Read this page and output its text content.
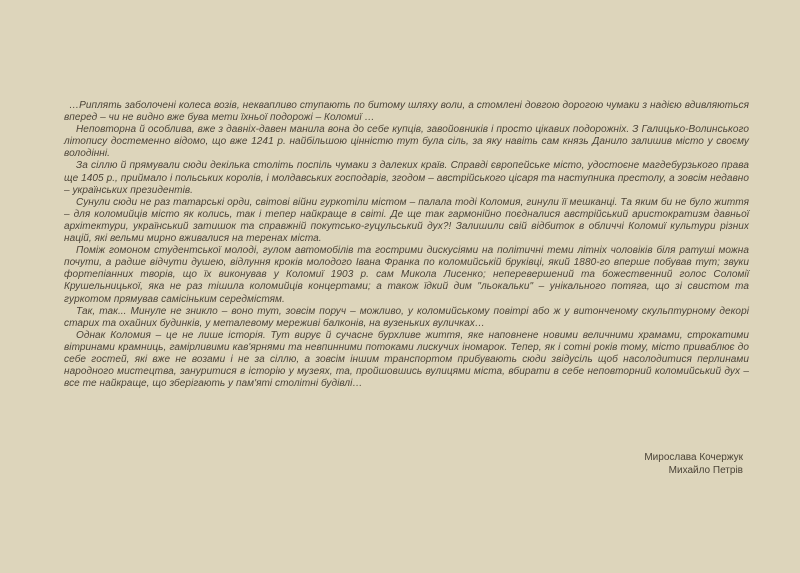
…Риплять заболочені колеса возів, неквапливо ступають по битому шляху воли, а стомлені довгою дорогою чумаки з надією вдивляються вперед – чи не видно вже бува мети їхньої подорожі – Коломиї …

Неповторна й особлива, вже з давніх-давен манила вона до себе купців, завойовників і просто цікавих подорожніх. З Галицько-Волинського літопису достеменно відомо, що вже 1241 р. найбільшою цінністю тут була сіль, за яку навіть сам князь Данило залишив місто у своєму володінні.

За сіллю й прямували сюди декілька століть поспіль чумаки з далеких країв. Справді європейське місто, удостоєне магдебурзького права ще 1405 р., приймало і польських королів, і молдавських господарів, згодом – австрійського цісаря та наступника престолу, а зовсім недавно – українських президентів.

Сунули сюди не раз татарські орди, світові війни гуркотіли містом – палала тоді Коломия, гинули її мешканці. Та яким би не було життя – для коломийців місто як колись, так і тепер найкраще в світі. Де ще так гармонійно поєдналися австрійський аристократизм давньої архітектури, український затишок та справжній покутсько-гуцульський дух?! Залишили свій відбиток в обличчі Коломиї культури різних націй, які вельми мирно вживалися на теренах міста.

Поміж гомоном студентської молоді, гулом автомобілів та гострими дискусіями на політичні теми літніх чоловіків біля ратуші можна почути, а радше відчути душею, відлуння кроків молодого Івана Франка по коломийській бруківці, який 1880-го вперше побував тут; звуки фортепіанних творів, що їх виконував у Коломиї 1903 р. сам Микола Лисенко; неперевершений та божественний голос Соломії Крушельницької, яка не раз тішила коломийців концертами; а також їдкий дим "льокальки" – унікального потяга, що зі свистом та гуркотом прямував самісіньким середмістям.

Так, так... Минуле не зникло – воно тут, зовсім поруч – можливо, у коломийському повітрі або ж у витонченому скульптурному декорі старих та охайних будинків, у металевому мереживі балконів, на вузеньких вуличках…

Однак Коломия – це не лише історія. Тут вирує й сучасне бурхливе життя, яке наповнене новими величними храмами, строкатими вітринами крамниць, гамірливими кав'ярнями та невпинними потоками лискучих іномарок. Тепер, як і сотні років тому, місто приваблює до себе гостей, які вже не возами і не за сіллю, а зовсім іншим транспортом прибувають сюди звідусіль щоб насолодитися перлинами народного мистецтва, зануритися в історію у музеях, та, пройшовшись вулицями міста, вбирати в себе неповторний коломийський дух – все те найкраще, що зберігають у пам'яті столітні будівлі…

Мирослава Кочержук
Михайло Петрів
